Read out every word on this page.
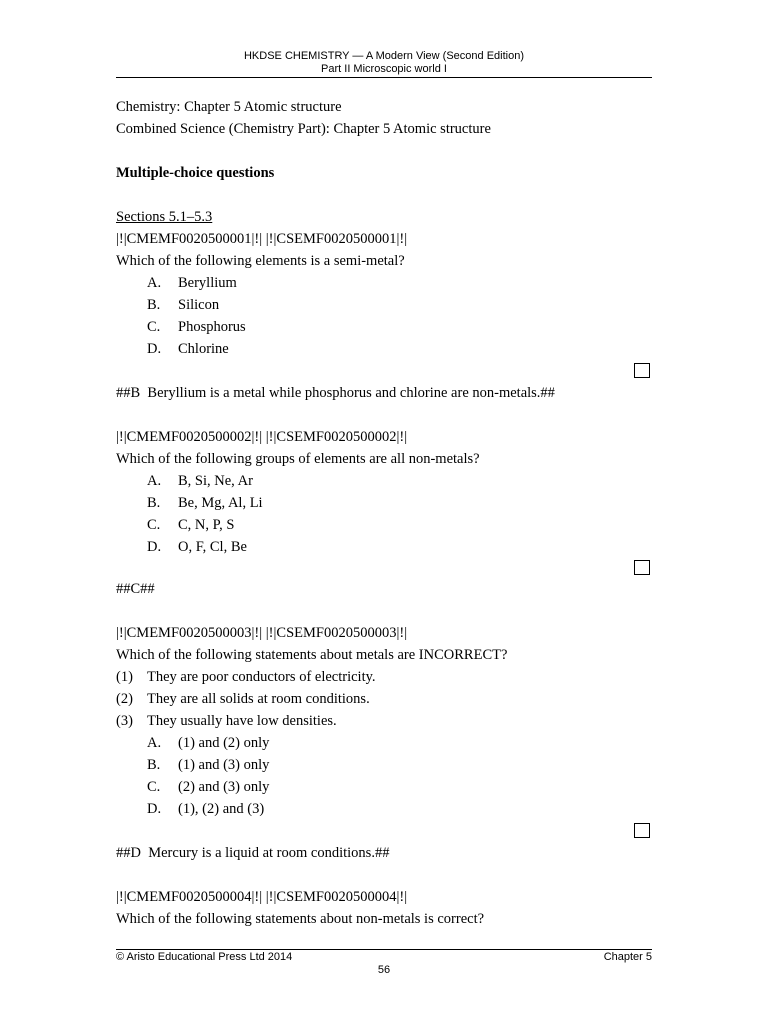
HKDSE CHEMISTRY — A Modern View (Second Edition)
Part II Microscopic world I
Chemistry: Chapter 5 Atomic structure
Combined Science (Chemistry Part): Chapter 5 Atomic structure
Multiple-choice questions
Sections 5.1–5.3
|!|CMEMF0020500001|!| |!|CSEMF0020500001|!|
Which of the following elements is a semi-metal?
A. Beryllium
B. Silicon
C. Phosphorus
D. Chlorine
##B  Beryllium is a metal while phosphorus and chlorine are non-metals.##
|!|CMEMF0020500002|!| |!|CSEMF0020500002|!|
Which of the following groups of elements are all non-metals?
A. B, Si, Ne, Ar
B. Be, Mg, Al, Li
C. C, N, P, S
D. O, F, Cl, Be
##C##
|!|CMEMF0020500003|!| |!|CSEMF0020500003|!|
Which of the following statements about metals are INCORRECT?
(1) They are poor conductors of electricity.
(2) They are all solids at room conditions.
(3) They usually have low densities.
A. (1) and (2) only
B. (1) and (3) only
C. (2) and (3) only
D. (1), (2) and (3)
##D  Mercury is a liquid at room conditions.##
|!|CMEMF0020500004|!| |!|CSEMF0020500004|!|
Which of the following statements about non-metals is correct?
© Aristo Educational Press Ltd 2014	Chapter 5
56
